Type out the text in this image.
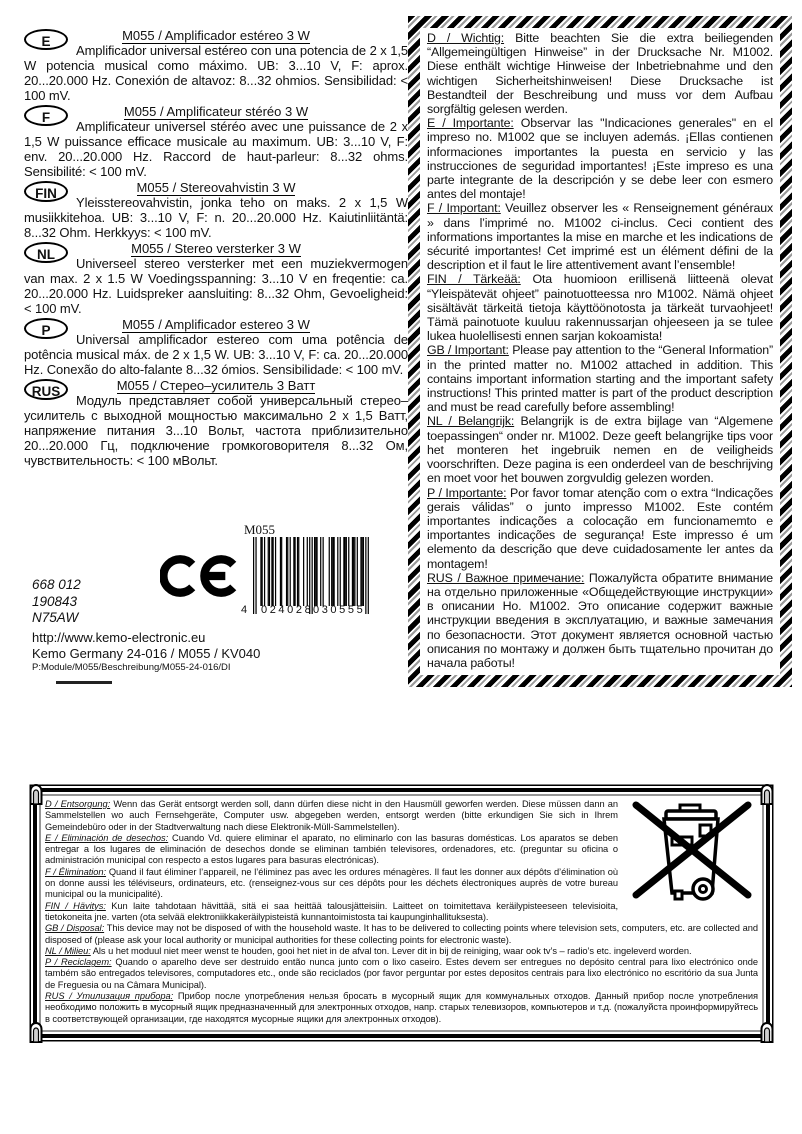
E	M055 / Amplificador estéreo 3 W
Amplificador universal estéreo con una potencia de 2 x 1,5 W potencia musical como máximo. UB: 3...10 V, F: aprox. 20...20.000 Hz. Conexión de altavoz: 8...32 ohmios. Sensibilidad: < 100 mV.
F	M055 / Amplificateur stéréo 3 W
Amplificateur universel stéréo avec une puissance de 2 x 1,5 W puissance efficace musicale au maximum. UB: 3...10 V, F: env. 20...20.000 Hz. Raccord de haut-parleur: 8...32 ohms. Sensibilité: < 100 mV.
FIN	M055 / Stereovahvistin 3 W
Yleisstereovahvistin, jonka teho on maks. 2 x 1,5 W musiikkitehoa. UB: 3...10 V, F: n. 20...20.000 Hz. Kaiutinliitäntä: 8...32 Ohm. Herkkyys: < 100 mV.
NL	M055 / Stereo versterker 3 W
Universeel stereo versterker met een muziekvermogen van max. 2 x 1.5 W Voedingsspanning: 3...10 V en freqentie: ca. 20...20.000 Hz. Luidspreker aansluiting: 8...32 Ohm, Gevoeligheid: < 100 mV.
P	M055 / Amplificador estereo 3 W
Universal amplificador estereo com uma potência de potência musical máx. de 2 x 1,5 W. UB: 3...10 V, F: ca. 20...20.000 Hz. Conexão do alto-falante 8...32 ómios. Sensibilidade: < 100 mV.
RUS	M055 / Стерео–усилитель 3 Ватт
Модуль представляет собой универсальный стерео–усилитель с выходной мощностью максимально 2 х 1,5 Ватт, напряжение питания 3...10 Вольт, частота приблизительно 20...20.000 Гц, подключение громкоговорителя 8...32 Ом, чувствительность: < 100 мВольт.
668 012
190843
N75AW
http://www.kemo-electronic.eu
Kemo Germany 24-016 / M055 / KV040
P:Module/M055/Beschreibung/M055-24-016/DI
M055
4 024028 030555
D / Wichtig: Bitte beachten Sie die extra beiliegenden “Allgemeingültigen Hinweise” in der Drucksache Nr. M1002. Diese enthält wichtige Hinweise der Inbetriebnahme und den wichtigen Sicherheitshinweisen! Diese Drucksache ist Bestandteil der Beschreibung und muss vor dem Aufbau sorgfältig gelesen werden.
E / Importante: Observar las "Indicaciones generales" en el impreso no. M1002 que se incluyen además. ¡Ellas contienen informaciones importantes la puesta en servicio y las instrucciones de seguridad importantes! ¡Este impreso es una parte integrante de la descripción y se debe leer con esmero antes del montaje!
F / Important: Veuillez observer les « Renseignement généraux » dans l’imprimé no. M1002 ci-inclus. Ceci contient des informations importantes la mise en marche et les indications de sécurité importantes! Cet imprimé est un élément défini de la description et il faut le lire attentivement avant l’ensemble!
FIN / Tärkeää: Ota huomioon erillisenä liitteenä olevat “Yleispätevät ohjeet” painotuotteessa nro M1002. Nämä ohjeet sisältävät tärkeitä tietoja käyttöönotosta ja tärkeät turvaohjeet! Tämä painotuote kuuluu rakennussarjan ohjeeseen ja se tulee lukea huolellisesti ennen sarjan kokoamista!
GB / Important: Please pay attention to the “General Information” in the printed matter no. M1002 attached in addition. This contains important information starting and the important safety instructions! This printed matter is part of the product description and must be read carefully before assembling!
NL / Belangrijk: Belangrijk is de extra bijlage van “Algemene toepassingen“ onder nr. M1002. Deze geeft belangrijke tips voor het monteren het ingebruik nemen en de veiligheids voorschriften. Deze pagina is een onderdeel van de beschrijving en moet voor het bouwen zorgvuldig gelezen worden.
P / Importante: Por favor tomar atenção com o extra “Indicações gerais válidas” o junto impresso M1002. Este contém importantes indicações a colocação em funcionamemto e importantes indicações de segurança! Este impresso é um elemento da descrição que deve cuidadosamente ler antes da montagem!
RUS / Важное примечание: Пожалуйста обратите внимание на отдельно приложенные «Общедействующие инструкции» в описании Но. М1002. Это описание содержит важные инструкции введения в эксплуатацию, и важные замечания по безопасности. Этот документ является основной частью описания по монтажу и должен быть тщательно прочитан до начала работы!
D / Entsorgung: Wenn das Gerät entsorgt werden soll, dann dürfen diese nicht in den Hausmüll geworfen werden. Diese müssen dann an Sammelstellen wo auch Fernsehgeräte, Computer usw. abgegeben werden, entsorgt werden (bitte erkundigen Sie sich in Ihrem Gemeindebüro oder in der Stadtverwaltung nach diese Elektronik-Müll-Sammelstellen).
E / Eliminación de desechos: Cuando Vd. quiere eliminar el aparato, no eliminarlo con las basuras domésticas. Los aparatos se deben entregar a los lugares de eliminación de desechos donde se eliminan también televisores, ordenadores, etc. (preguntar su oficina o administración municipal con respecto a estos lugares para basuras electrónicas).
F / Élimination: Quand il faut éliminer l’appareil, ne l’éliminez pas avec les ordures ménagères. Il faut les donner aux dépôts d’élimination où on donne aussi les téléviseurs, ordinateurs, etc. (renseignez-vous sur ces dépôts pour les déchets électroniques auprès de votre bureau municipal ou la municipalité).
FIN / Hävitys: Kun laite tahdotaan hävittää, sitä ei saa heittää talousjätteisiin. Laitteet on toimitettava keräilypisteeseen televisioita, tietokoneita jne. varten (ota selvää elektroniikkakeräilypisteistä kunnantoimistosta tai kaupunginhallituksesta).
GB / Disposal: This device may not be disposed of with the household waste. It has to be delivered to collecting points where television sets, computers, etc. are collected and disposed of (please ask your local authority or municipal authorities for these collecting points for electronic waste).
NL / Milieu: Als u het moduul niet meer wenst te houden, gooi het niet in de afval ton. Lever dit in bij de reiniging, waar ook tv’s – radio’s etc. ingeleverd worden.
P / Reciclagem: Quando o aparelho deve ser destruido então nunca junto com o lixo caseiro. Estes devem ser entregues no depósito central para lixo electrónico onde também são entregados televisores, computadores etc., onde são reciclados (por favor perguntar por estes depositos centrais para lixo electrónico no escritório da sua Junta de Freguesia ou na Câmara Municipal).
RUS / Утилизация прибора: Прибор после употребления нельзя бросать в мусорный ящик для коммунальных отходов. Данный прибор после употребления необходимо положить в мусорный ящик предназначенный для электронных отходов, напр. старых телевизоров, компьютеров и т.д. (пожалуйста проинформируйтесь в соответствующей организации, где находятся мусорные ящики для электронных отходов).
